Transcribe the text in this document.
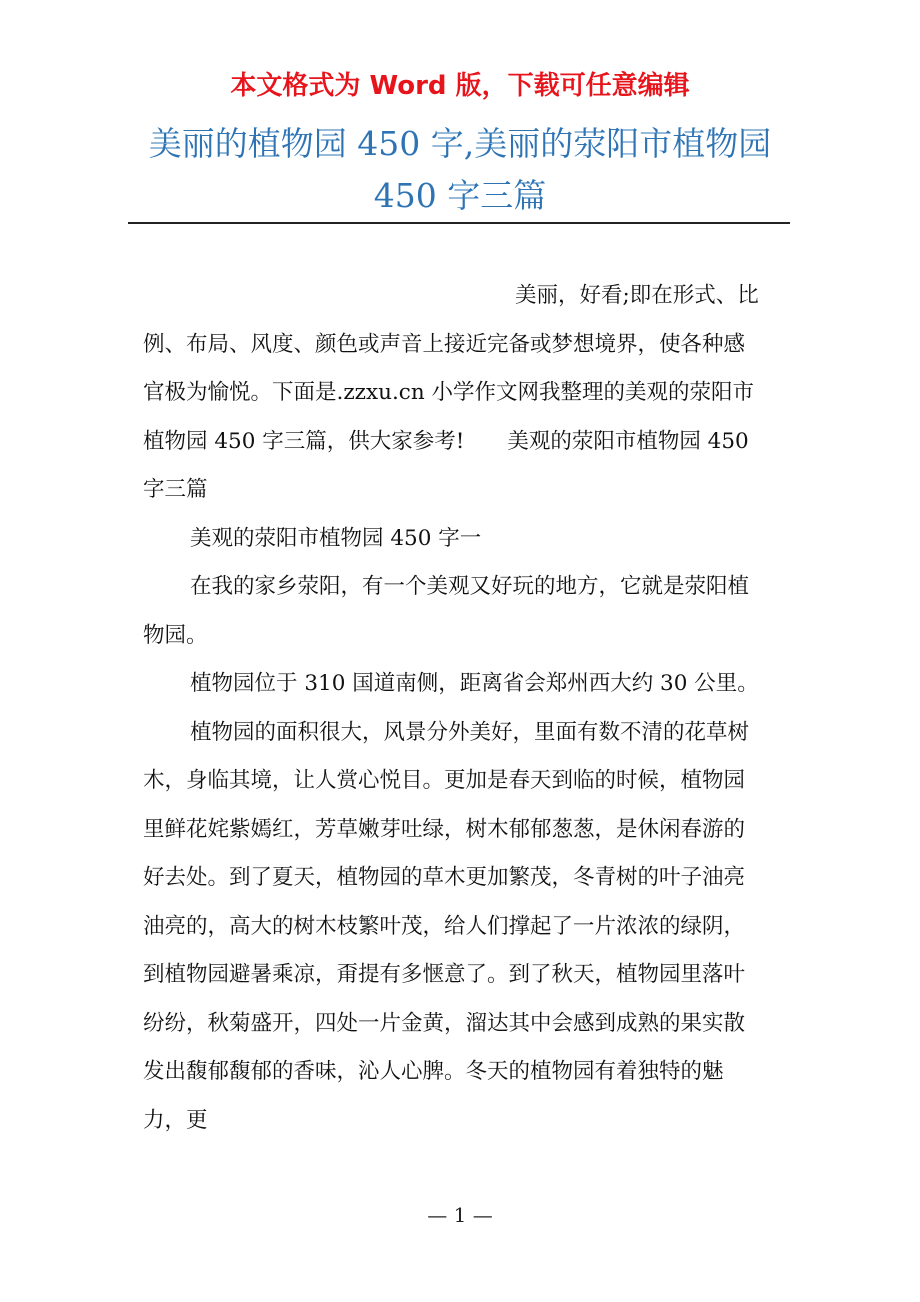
本文格式为 Word 版，下载可任意编辑
美丽的植物园 450 字,美丽的荥阳市植物园 450 字三篇

美丽，好看;即在形式、比例、布局、风度、颜色或声音上接近完备或梦想境界，使各种感官极为愉悦。下面是.zzxu.cn 小学作文网我整理的美观的荥阳市植物园 450 字三篇，供大家参考!　　美观的荥阳市植物园 450 字三篇

美观的荥阳市植物园 450 字一

在我的家乡荥阳，有一个美观又好玩的地方，它就是荥阳植物园。

植物园位于 310 国道南侧，距离省会郑州西大约 30 公里。

植物园的面积很大，风景分外美好，里面有数不清的花草树木，身临其境，让人赏心悦目。更加是春天到临的时候，植物园里鲜花姹紫嫣红，芳草嫩芽吐绿，树木郁郁葱葱，是休闲春游的好去处。到了夏天，植物园的草木更加繁茂，冬青树的叶子油亮油亮的，高大的树木枝繁叶茂，给人们撑起了一片浓浓的绿阴，到植物园避暑乘凉，甭提有多惬意了。到了秋天，植物园里落叶纷纷，秋菊盛开，四处一片金黄，溜达其中会感到成熟的果实散发出馥郁馥郁的香味，沁人心脾。冬天的植物园有着独特的魅力，更

— 1 —
